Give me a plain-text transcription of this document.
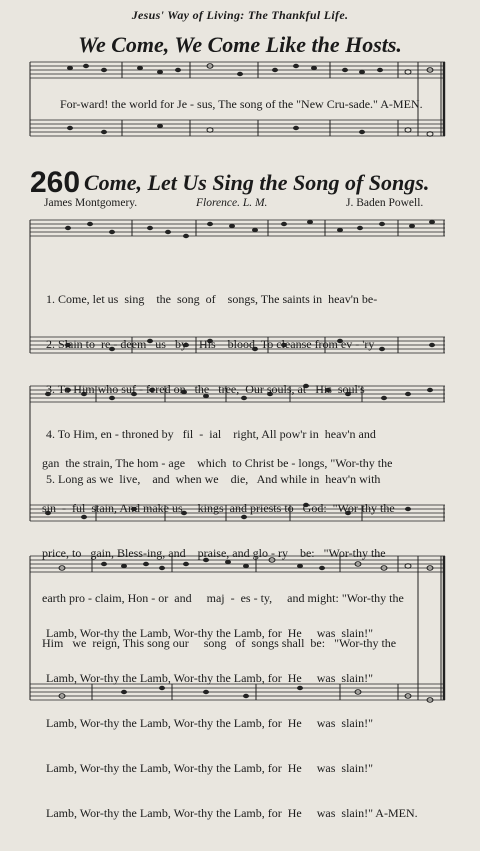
Jesus' Way of Living: The Thankful Life.
We Come, We Come Like the Hosts.
For-ward! the world for Je - sus, The song of the "New Cru-sade." A-MEN.
260 Come, Let Us Sing the Song of Songs.
James Montgomery.	Florence. L. M.	J. Baden Powell.

1. Come, let us  sing    the  song  of    songs, The saints in  heav'n be-

2. Slain to  re - deem   us   by    His    blood, To cleanse from ev - 'ry

3. To Him who suf - fered on   the   tree,  Our souls, at   His  soul's

4. To Him, en - throned by   fil  -  ial    right, All pow'r in  heav'n and

5. Long as we  live,    and  when we    die,   And while in  heav'n with

gan  the strain, The hom - age    which  to Christ be - longs, "Wor-thy the

sin  -  ful  stain, And make us     kings  and priests to   God:  "Wor-thy the

price, to   gain, Bless-ing, and    praise, and glo - ry    be:   "Wor-thy the

earth pro - claim, Hon - or  and     maj  -  es - ty,     and might: "Wor-thy the

Him   we  reign, This song our     song   of  songs shall  be:   "Wor-thy the

Lamb, Wor-thy the Lamb, Wor-thy the Lamb, for  He     was  slain!"

Lamb, Wor-thy the Lamb, Wor-thy the Lamb, for  He     was  slain!"

Lamb, Wor-thy the Lamb, Wor-thy the Lamb, for  He     was  slain!"

Lamb, Wor-thy the Lamb, Wor-thy the Lamb, for  He     was  slain!"

Lamb, Wor-thy the Lamb, Wor-thy the Lamb, for  He     was  slain!" A-MEN.
